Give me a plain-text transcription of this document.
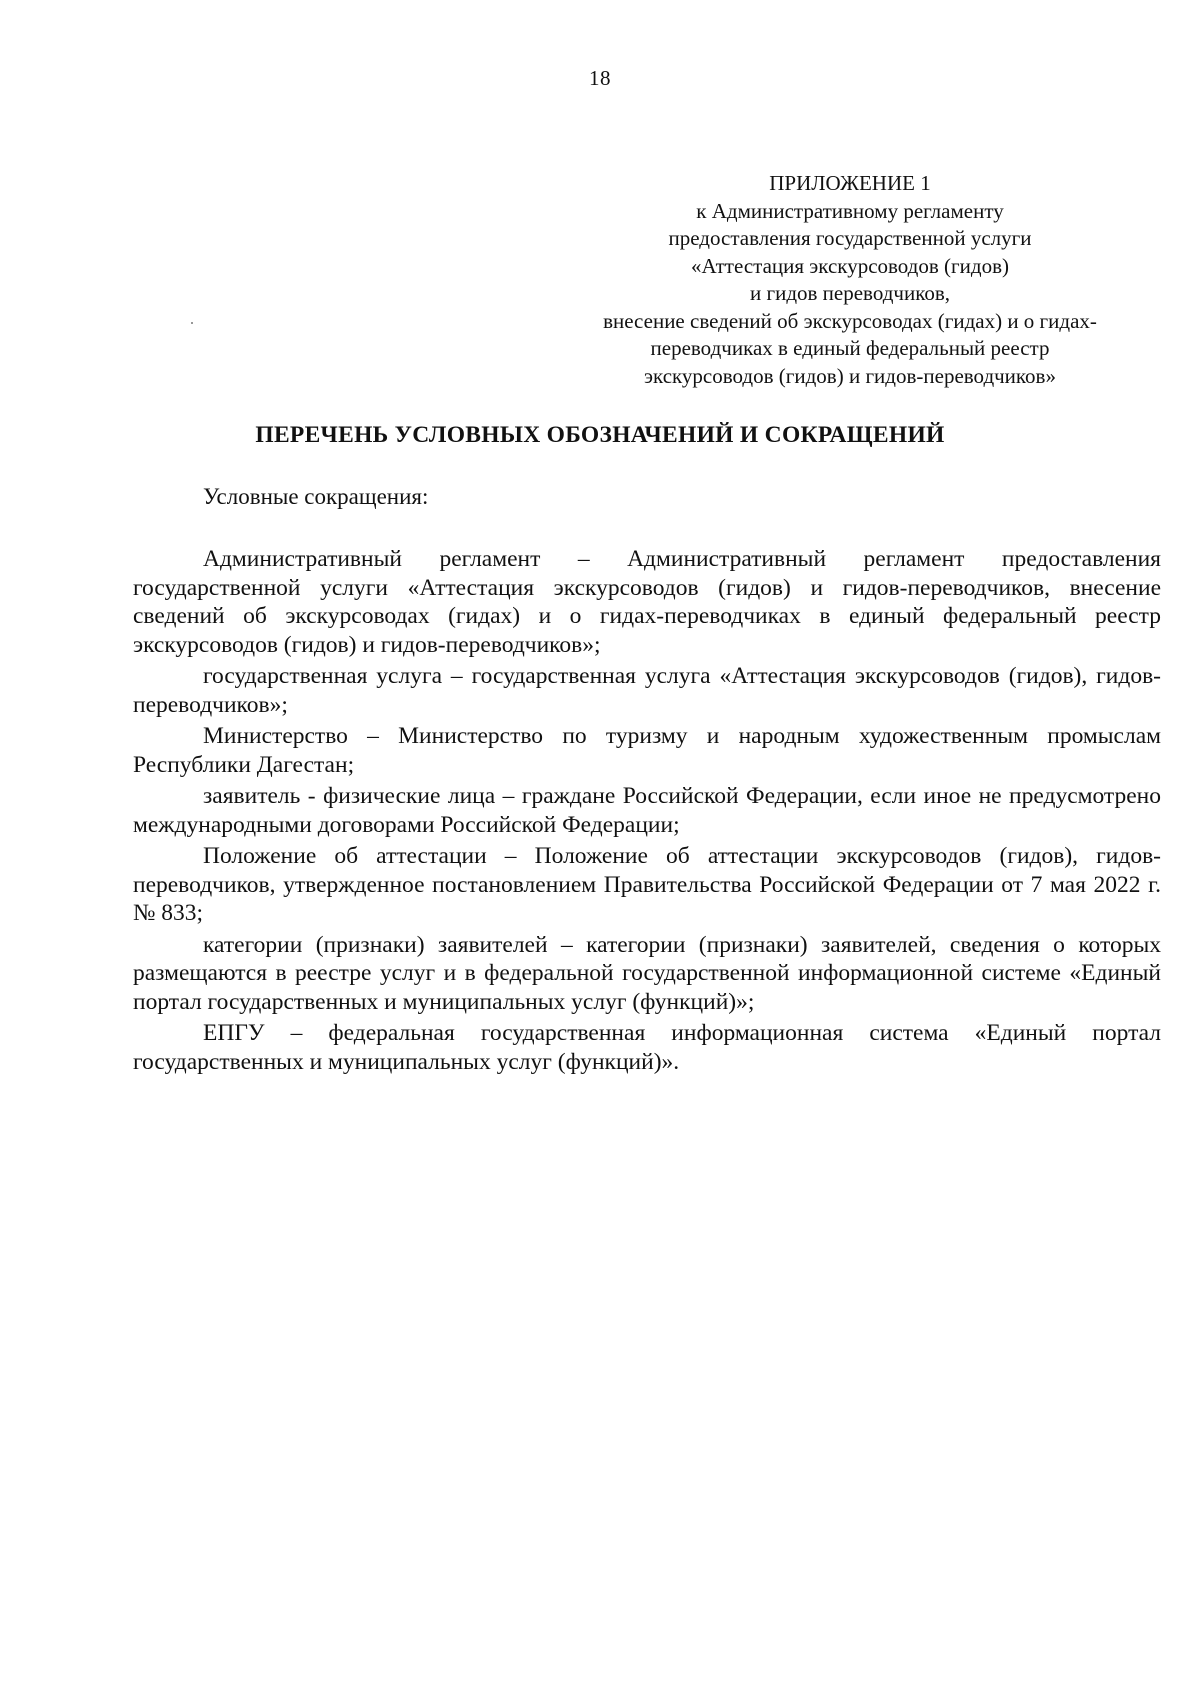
18
ПРИЛОЖЕНИЕ 1
к Административному регламенту
предоставления государственной услуги
«Аттестация экскурсоводов (гидов)
и гидов переводчиков,
внесение сведений об экскурсоводах (гидах) и о гидах-
переводчиках в единый федеральный реестр
экскурсоводов (гидов) и гидов-переводчиков»
ПЕРЕЧЕНЬ УСЛОВНЫХ ОБОЗНАЧЕНИЙ И СОКРАЩЕНИЙ
Условные сокращения:

Административный регламент – Административный регламент предоставления государственной услуги «Аттестация экскурсоводов (гидов) и гидов-переводчиков, внесение сведений об экскурсоводах (гидах) и о гидах-переводчиках в единый федеральный реестр экскурсоводов (гидов) и гидов-переводчиков»;

государственная услуга – государственная услуга «Аттестация экскурсоводов (гидов), гидов-переводчиков»;

Министерство – Министерство по туризму и народным художественным промыслам Республики Дагестан;

заявитель - физические лица – граждане Российской Федерации, если иное не предусмотрено международными договорами Российской Федерации;

Положение об аттестации – Положение об аттестации экскурсоводов (гидов), гидов-переводчиков, утвержденное постановлением Правительства Российской Федерации от 7 мая 2022 г. № 833;

категории (признаки) заявителей – категории (признаки) заявителей, сведения о которых размещаются в реестре услуг и в федеральной государственной информационной системе «Единый портал государственных и муниципальных услуг (функций)»;

ЕПГУ – федеральная государственная информационная система «Единый портал государственных и муниципальных услуг (функций)».
